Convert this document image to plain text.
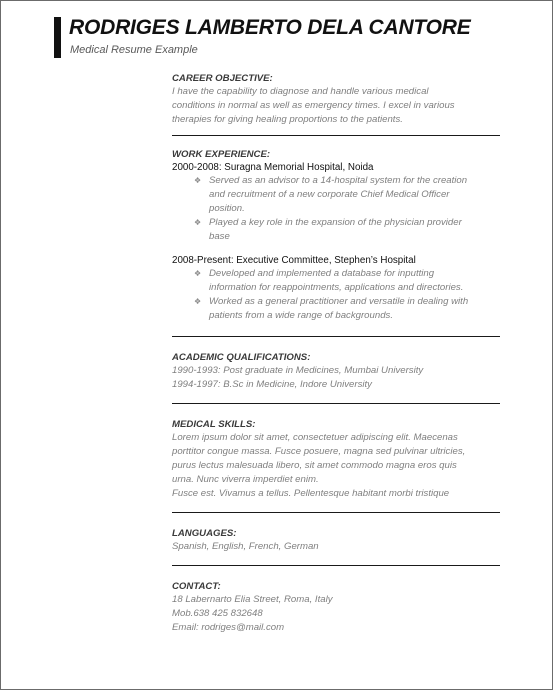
RODRIGES LAMBERTO DELA CANTORE
Medical Resume Example

CAREER OBJECTIVE:

I have the capability to diagnose and handle various medical

conditions in normal as well as emergency times. I excel in various

therapies for giving healing proportions to the patients.

WORK EXPERIENCE:

2000-2008: Suragna Memorial Hospital, Noida

❖ Served as an advisor to a 14-hospital system for the creation
and recruitment of a new corporate Chief Medical Officer
position.
❖ Played a key role in the expansion of the physician provider
base

2008-Present: Executive Committee, Stephen’s Hospital

❖ Developed and implemented a database for inputting
information for reappointments, applications and directories.
❖ Worked as a general practitioner and versatile in dealing with
patients from a wide range of backgrounds.

ACADEMIC QUALIFICATIONS:

1990-1993: Post graduate in Medicines, Mumbai University

1994-1997: B.Sc in Medicine, Indore University

MEDICAL SKILLS:

Lorem ipsum dolor sit amet, consectetuer adipiscing elit. Maecenas

porttitor congue massa. Fusce posuere, magna sed pulvinar ultricies,

purus lectus malesuada libero, sit amet commodo magna eros quis

urna. Nunc viverra imperdiet enim.

Fusce est. Vivamus a tellus. Pellentesque habitant morbi tristique

LANGUAGES:

Spanish, English, French, German

CONTACT:

18 Labernarto Elia Street, Roma, Italy

Mob.638 425 832648

Email: rodriges@mail.com
